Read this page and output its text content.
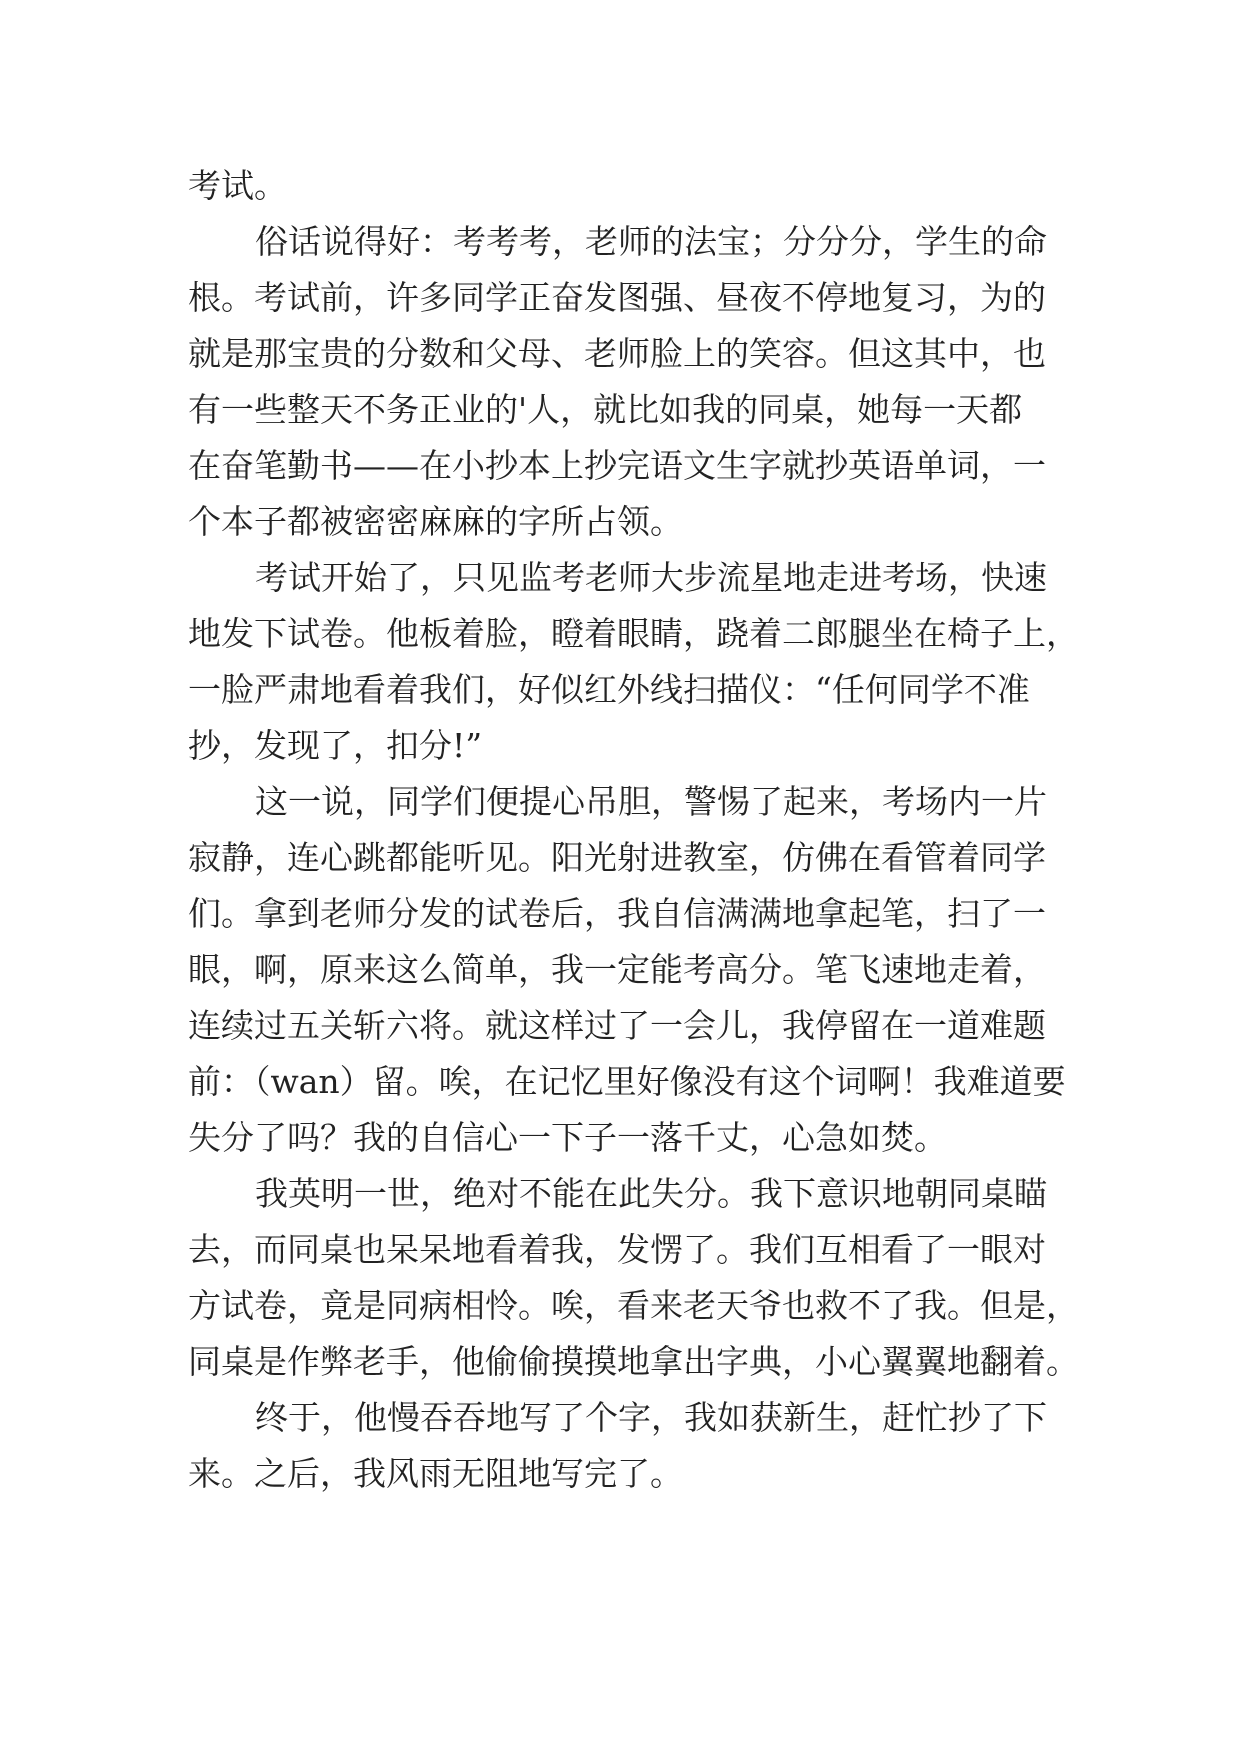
考试。
俗话说得好：考考考，老师的法宝；分分分，学生的命
根。考试前，许多同学正奋发图强、昼夜不停地复习，为的
就是那宝贵的分数和父母、老师脸上的笑容。但这其中，也
有一些整天不务正业的'人，就比如我的同桌，她每一天都
在奋笔勤书——在小抄本上抄完语文生字就抄英语单词，一
个本子都被密密麻麻的字所占领。
考试开始了，只见监考老师大步流星地走进考场，快速
地发下试卷。他板着脸，瞪着眼睛，跷着二郎腿坐在椅子上，
一脸严肃地看着我们，好似红外线扫描仪：“任何同学不准
抄，发现了，扣分!”
这一说，同学们便提心吊胆，警惕了起来，考场内一片
寂静，连心跳都能听见。阳光射进教室，仿佛在看管着同学
们。拿到老师分发的试卷后，我自信满满地拿起笔，扫了一
眼，啊，原来这么简单，我一定能考高分。笔飞速地走着，
连续过五关斩六将。就这样过了一会儿，我停留在一道难题
前：（wan）留。唉，在记忆里好像没有这个词啊！我难道要
失分了吗？我的自信心一下子一落千丈，心急如焚。
我英明一世，绝对不能在此失分。我下意识地朝同桌瞄
去，而同桌也呆呆地看着我，发愣了。我们互相看了一眼对
方试卷，竟是同病相怜。唉，看来老天爷也救不了我。但是，
同桌是作弊老手，他偷偷摸摸地拿出字典，小心翼翼地翻着。
终于，他慢吞吞地写了个字，我如获新生，赶忙抄了下
来。之后，我风雨无阻地写完了。
